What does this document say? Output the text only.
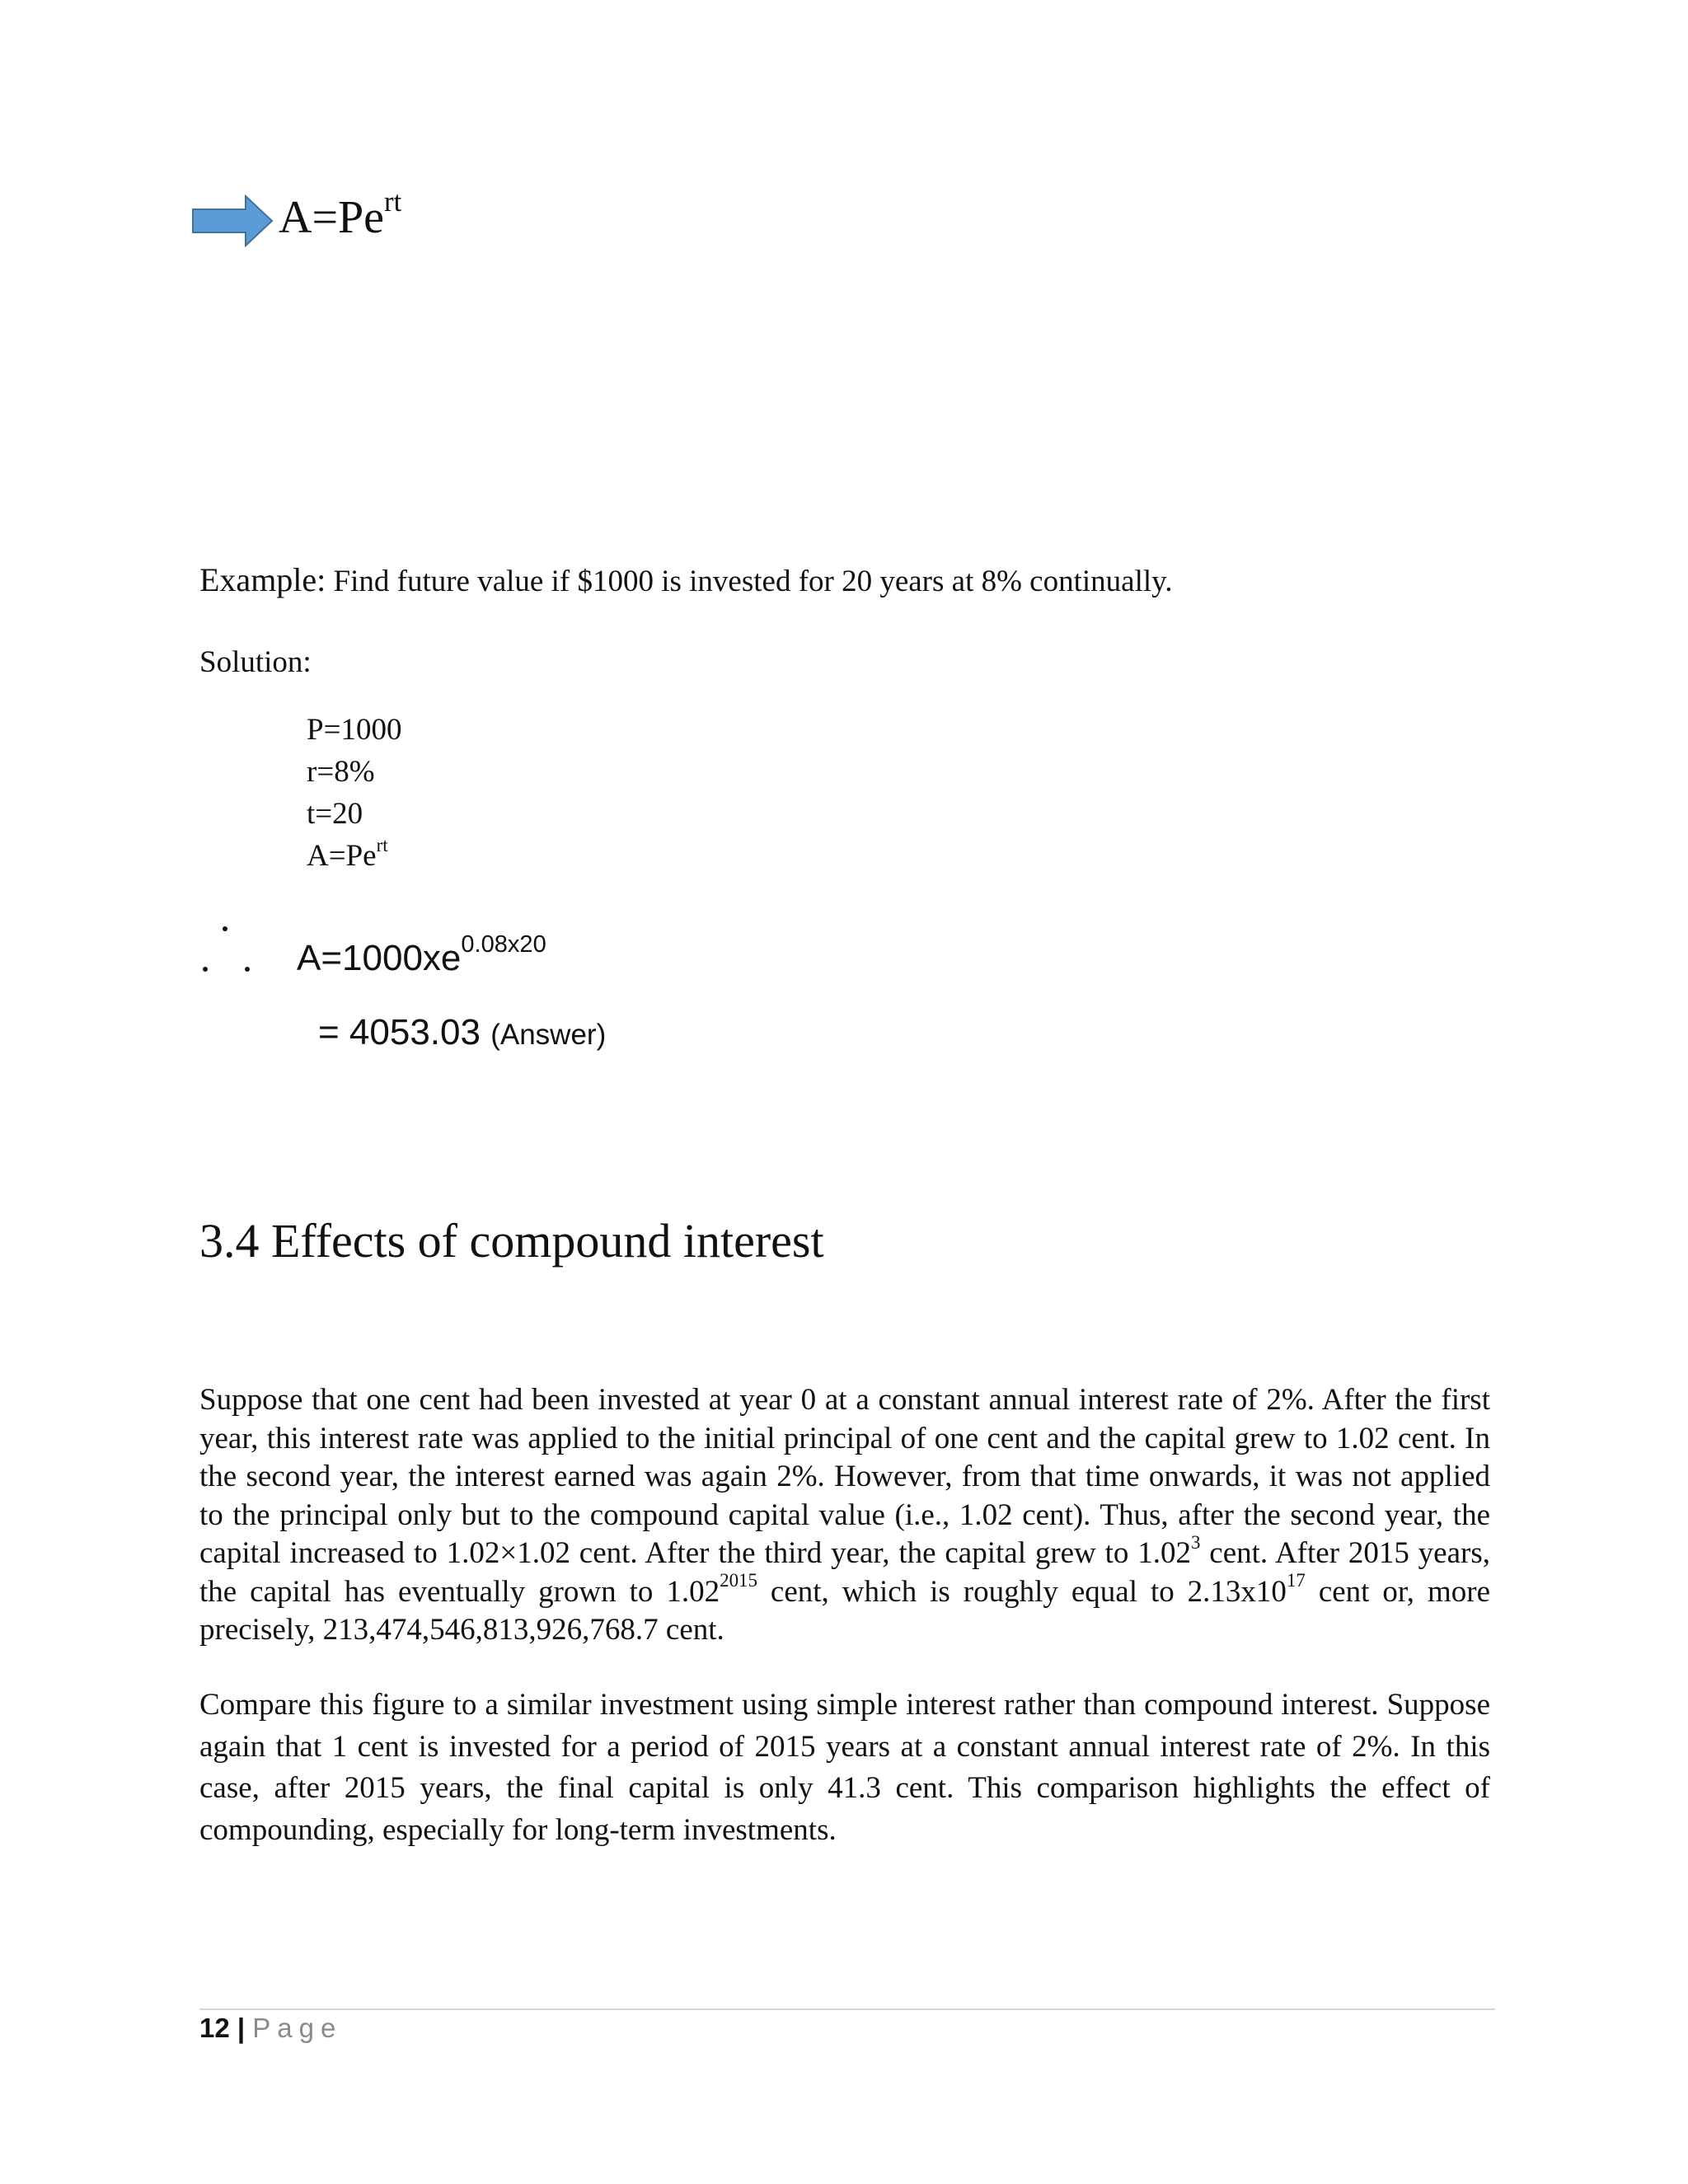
$A=Pe^{rt}$
Example: Find future value if $1000 is invested for 20 years at 8% continually.
Solution:
P=1000
r=8%
t=20
$A=Pe^{rt}$
$A=1000xe^{0.08x20}$
= 4053.03 (Answer)
3.4 Effects of compound interest
Suppose that one cent had been invested at year 0 at a constant annual interest rate of 2%. After the first year, this interest rate was applied to the initial principal of one cent and the capital grew to 1.02 cent. In the second year, the interest earned was again 2%. However, from that time onwards, it was not applied to the principal only but to the compound capital value (i.e., 1.02 cent). Thus, after the second year, the capital increased to 1.02×1.02 cent. After the third year, the capital grew to 1.02$^3$ cent. After 2015 years, the capital has eventually grown to $1.02^{2015}$ cent, which is roughly equal to $2.13x10^{17}$ cent or, more precisely, 213,474,546,813,926,768.7 cent.
Compare this figure to a similar investment using simple interest rather than compound interest. Suppose again that 1 cent is invested for a period of 2015 years at a constant annual interest rate of 2%. In this case, after 2015 years, the final capital is only 41.3 cent. This comparison highlights the effect of compounding, especially for long-term investments.
12 | Page
